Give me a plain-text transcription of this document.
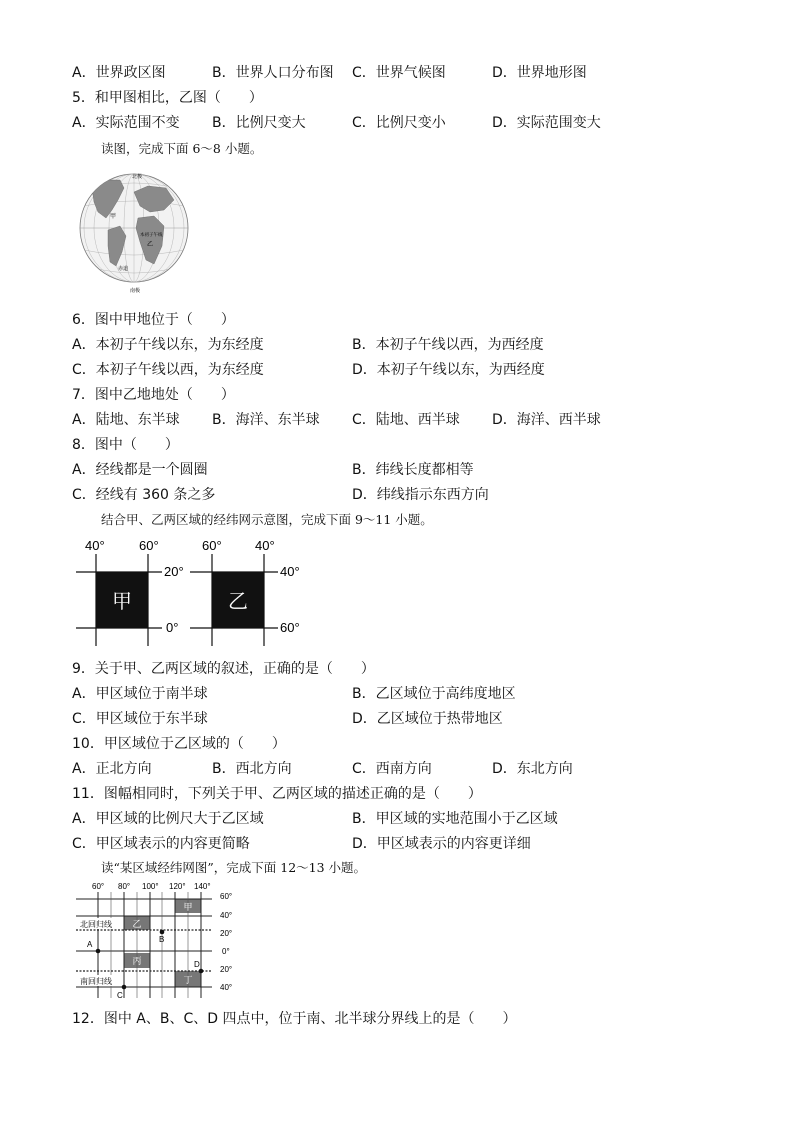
A．世界政区图	B．世界人口分布图 C．世界气候图	D．世界地形图
5．和甲图相比，乙图（　　）
A．实际范围不变 B．比例尺变大	C．比例尺变小	D．实际范围变大
读图，完成下面 6～8 小题。
北极
甲
乙
赤道
南极
本初子午线
6．图中甲地位于（　　）
A．本初子午线以东，为东经度	B．本初子午线以西，为西经度
C．本初子午线以西，为东经度	D．本初子午线以东，为西经度
7．图中乙地地处（　　）
A．陆地、东半球 B．海洋、东半球 C．陆地、西半球 D．海洋、西半球
8．图中（　　）
A．经线都是一个圆圈	B．纬线长度都相等
C．经线有 360 条之多	D．纬线指示东西方向
结合甲、乙两区域的经纬网示意图，完成下面 9～11 小题。
甲
40°	60°
20°
0°
乙
60°	40°
40°
60°
9．关于甲、乙两区域的叙述，正确的是（　　）
A．甲区域位于南半球	B．乙区域位于高纬度地区
C．甲区域位于东半球	D．乙区域位于热带地区
10．甲区域位于乙区域的（　　）
A．正北方向	B．西北方向	C．西南方向	D．东北方向
11．图幅相同时，下列关于甲、乙两区域的描述正确的是（　　）
A．甲区域的比例尺大于乙区域	B．甲区域的实地范围小于乙区域
C．甲区域表示的内容更简略	D．甲区域表示的内容更详细
读“某区域经纬网图”，完成下面 12～13 小题。
北回归线
南回归线
甲
乙
丙
丁
A
B
C
D
60° 80° 100° 120° 140°
60°
40°
20°
0°
20°
40°
12．图中 A、B、C、D 四点中，位于南、北半球分界线上的是（　　）
